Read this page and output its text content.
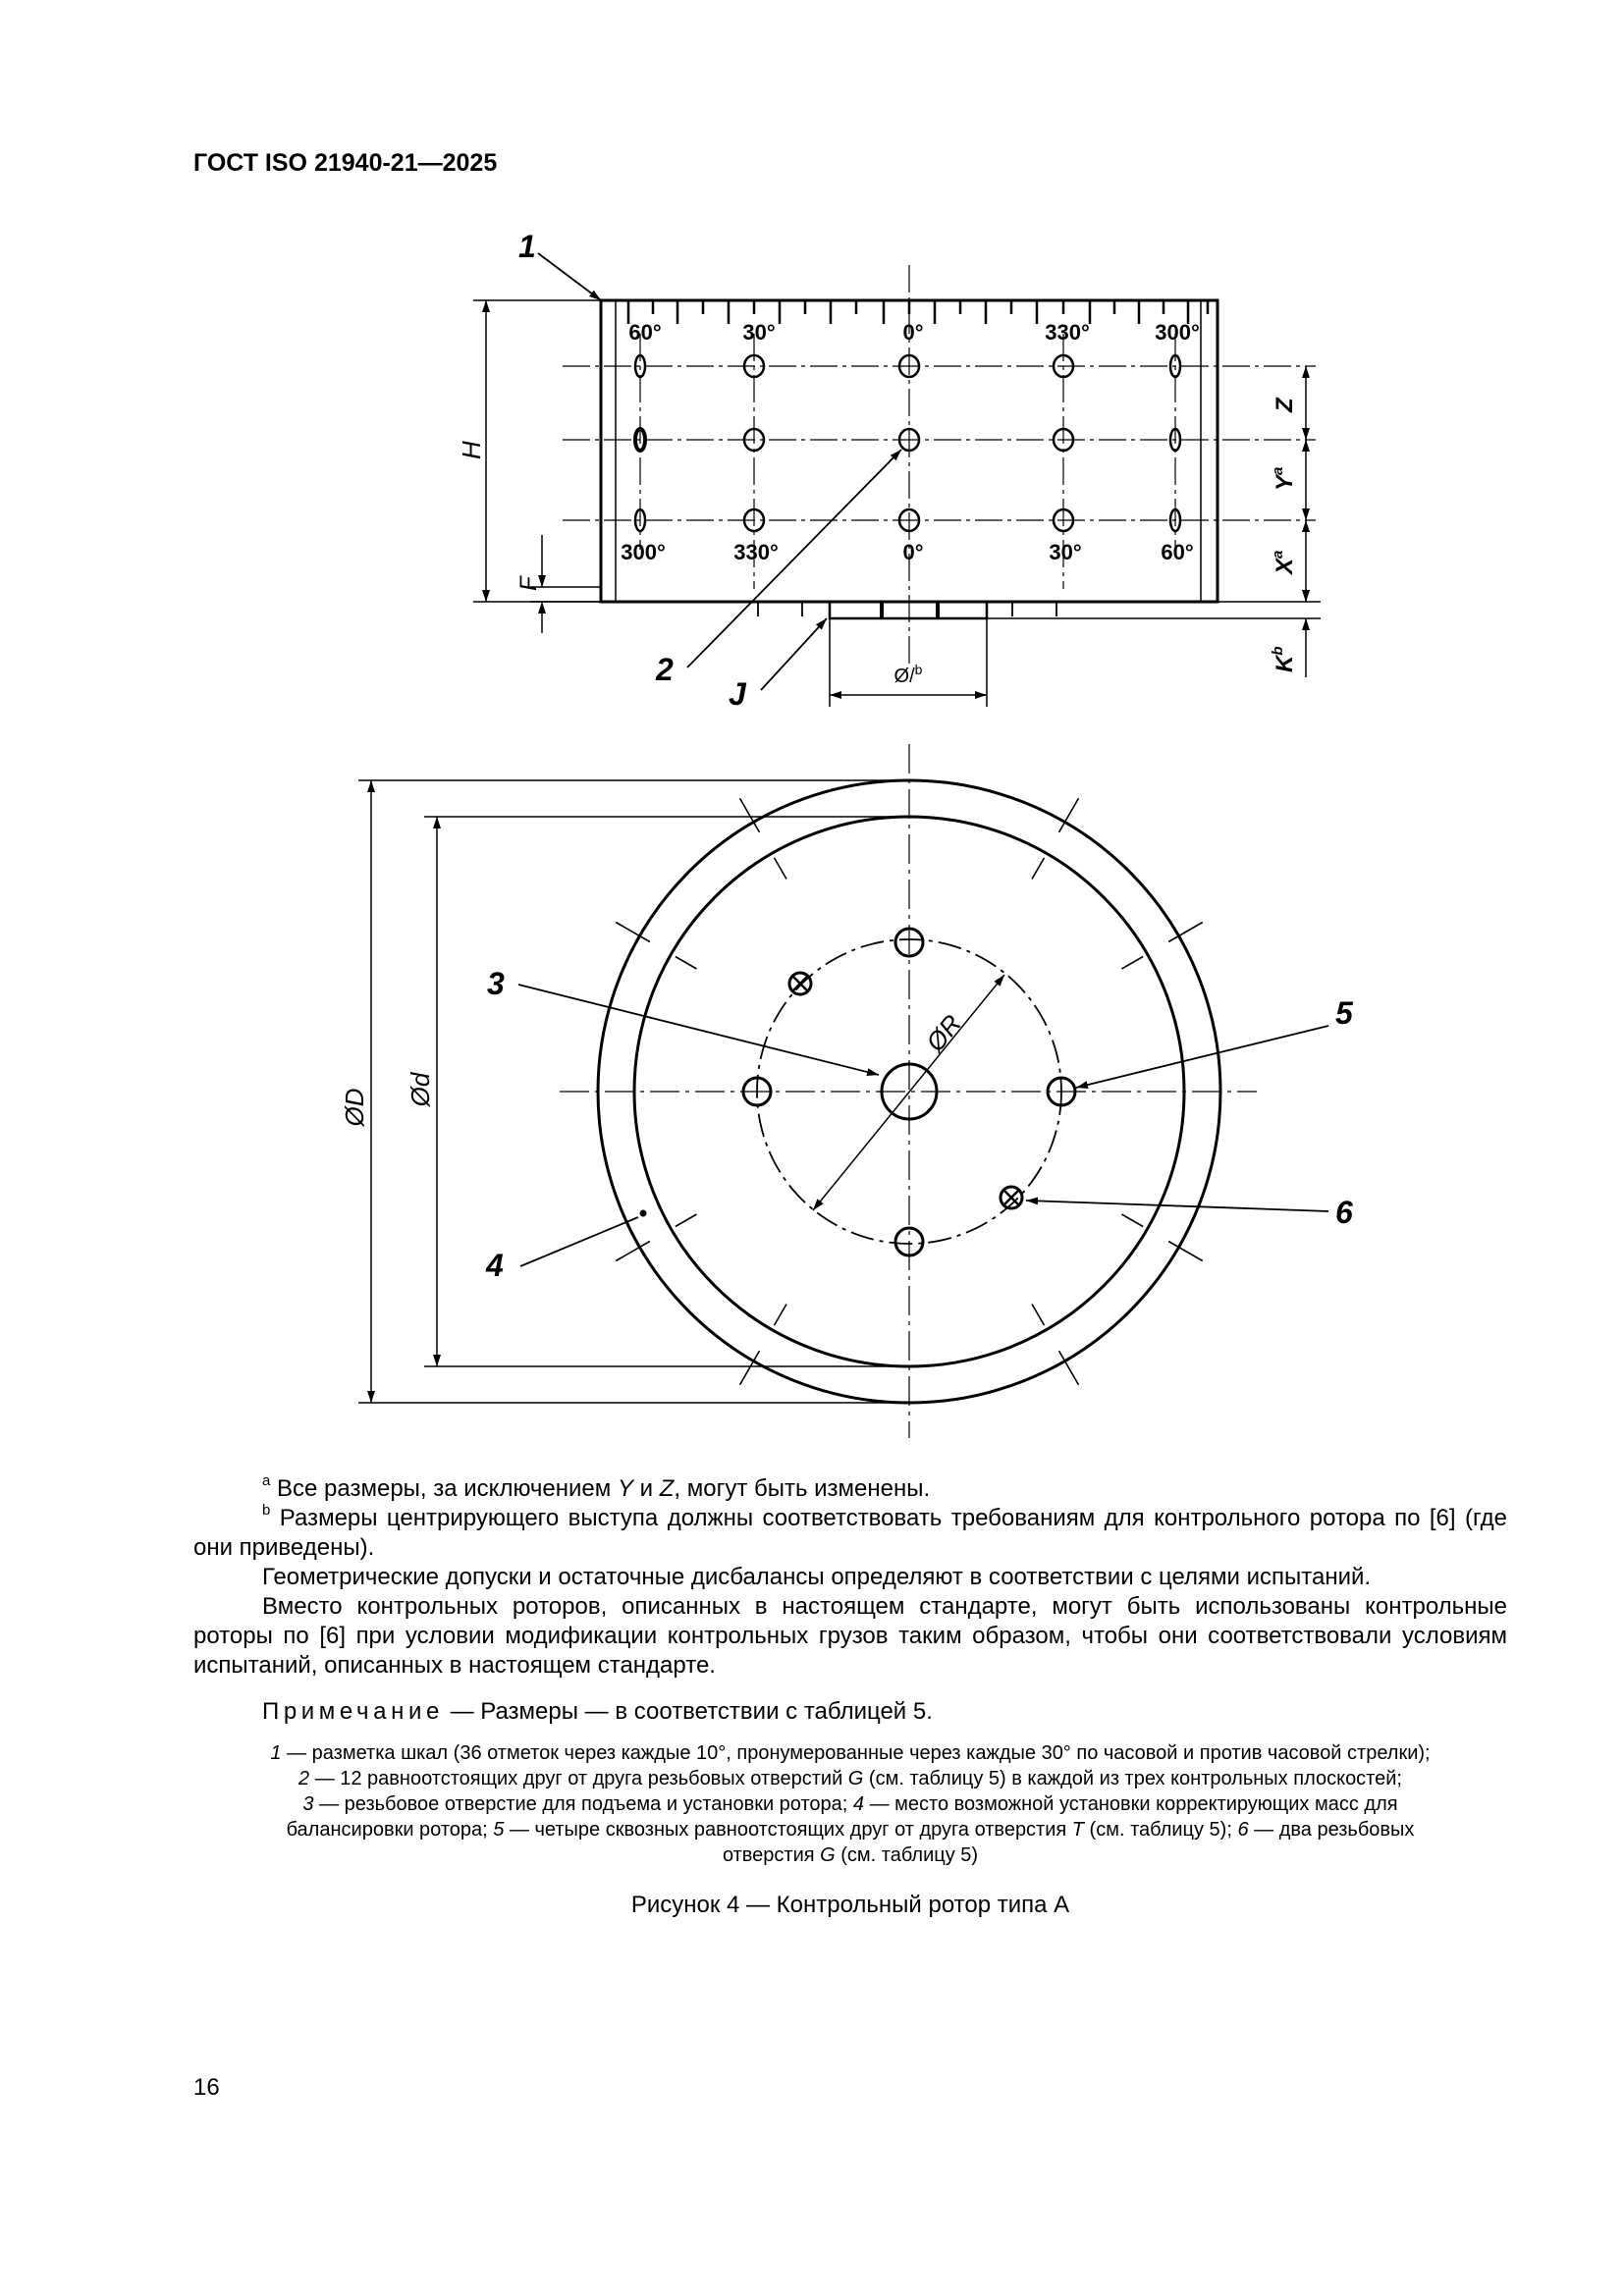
ГОСТ ISO 21940-21—2025
60°	30°	0°	330°	300°
300°	330°	0°	30°	60°
H
F
Z
$Y^a$
$X^a$
$K^b$
Ø/$^b$
1
2
J
ØR
ØD Ød
3
4
5
6

$^a$ Все размеры, за исключением Y и Z, могут быть изменены.

$^b$ Размеры центрирующего выступа должны соответствовать требованиям для контрольного ротора по [6] (где они приведены).

Геометрические допуски и остаточные дисбалансы определяют в соответствии с целями испытаний.

Вместо контрольных роторов, описанных в настоящем стандарте, могут быть использованы контрольные роторы по [6] при условии модификации контрольных грузов таким образом, чтобы они соответствовали условиям испытаний, описанных в настоящем стандарте.

Примечание — Размеры — в соответствии с таблицей 5.
1 — разметка шкал (36 отметок через каждые 10°, пронумерованные через каждые 30° по часовой и против часовой стрелки);
2 — 12 равноотстоящих друг от друга резьбовых отверстий G (см. таблицу 5) в каждой из трех контрольных плоскостей;
3 — резьбовое отверстие для подъема и установки ротора; 4 — место возможной установки корректирующих масс для
балансировки ротора; 5 — четыре сквозных равноотстоящих друг от друга отверстия T (см. таблицу 5); 6 — два резьбовых
отверстия G (см. таблицу 5)
Рисунок 4 — Контрольный ротор типа А
16
